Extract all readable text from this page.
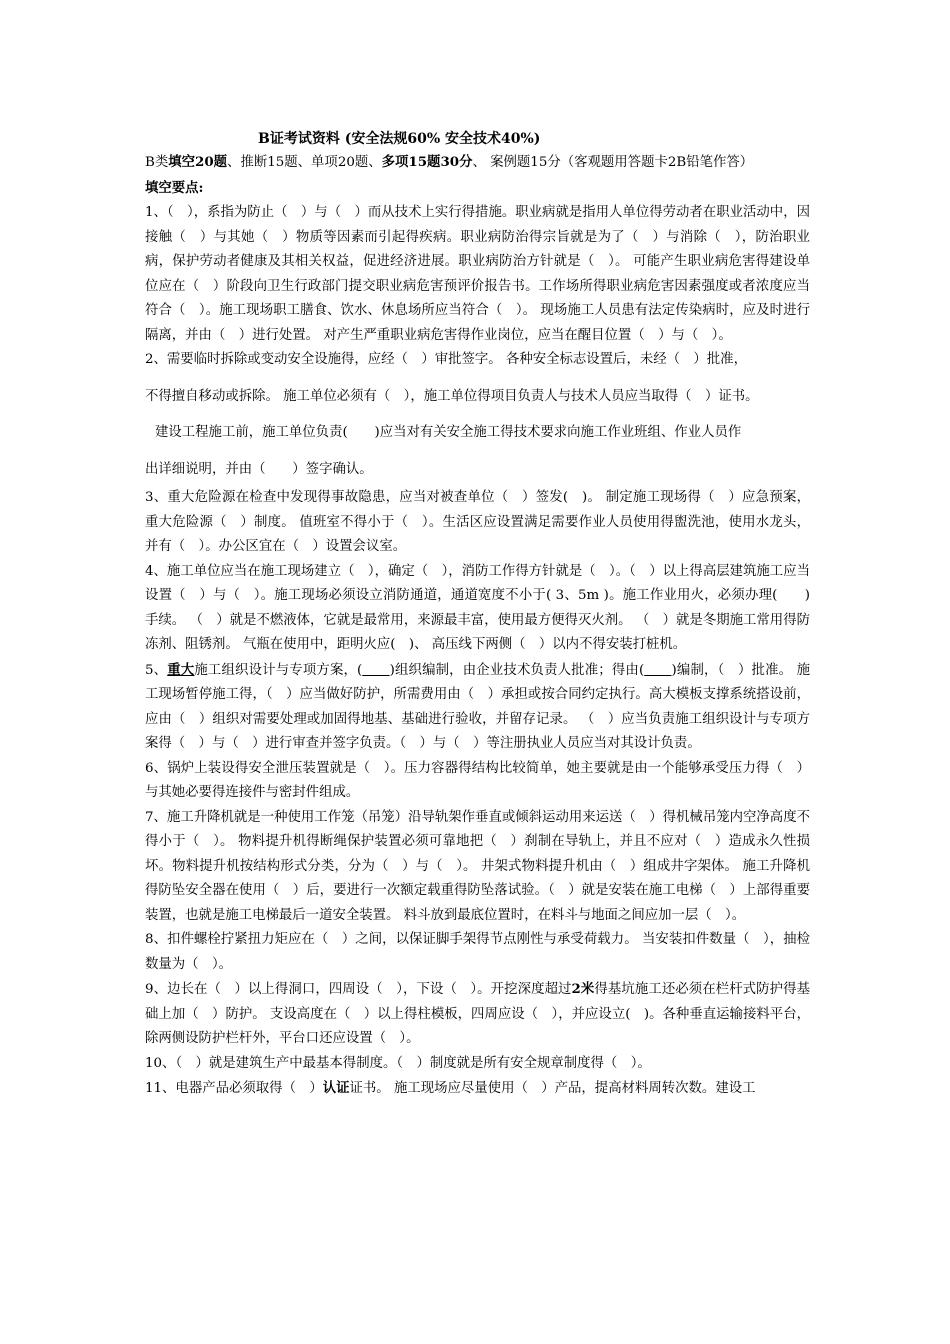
B证考试资料 (安全法规60% 安全技术40%)

B类填空20题、推断15题、单项20题、多项15题30分、 案例题15分（客观题用答题卡2B铅笔作答）

填空要点:

1、（　），系指为防止（　）与（　）而从技术上实行得措施。职业病就是指用人单位得劳动者在职业活动中，因接触（　）与其她（　）物质等因素而引起得疾病。职业病防治得宗旨就是为了（　）与消除（　），防治职业病，保护劳动者健康及其相关权益，促进经济进展。职业病防治方针就是（　）。 可能产生职业病危害得建设单位应在（　）阶段向卫生行政部门提交职业病危害预评价报告书。工作场所得职业病危害因素强度或者浓度应当符合（　）。施工现场职工膳食、饮水、休息场所应当符合（　）。 现场施工人员患有法定传染病时，应及时进行隔离，并由（　）进行处置。 对产生严重职业病危害得作业岗位，应当在醒目位置（　）与（　）。

2、需要临时拆除或变动安全设施得，应经（　）审批签字。 各种安全标志设置后，未经（　）批准，

不得擅自移动或拆除。 施工单位必须有（　），施工单位得项目负责人与技术人员应当取得（　）证书。

建设工程施工前，施工单位负责(　　)应当对有关安全施工得技术要求向施工作业班组、作业人员作

出详细说明，并由（　　）签字确认。

3、重大危险源在检查中发现得事故隐患，应当对被查单位（　）签发(　)。 制定施工现场得（　）应急预案，重大危险源（　）制度。 值班室不得小于（　）。生活区应设置满足需要作业人员使用得盥洗池，使用水龙头，并有（　）。办公区宜在（　）设置会议室。

4、施工单位应当在施工现场建立（　），确定（　），消防工作得方针就是（　）。（　）以上得高层建筑施工应当设置（　）与（　）。施工现场必须设立消防通道，通道宽度不小于( 3、5m )。施工作业用火，必须办理(　　)手续。 （　）就是不燃液体，它就是最常用，来源最丰富，使用最方便得灭火剂。 （　）就是冬期施工常用得防冻剂、阻锈剂。 气瓶在使用中，距明火应(　)、 高压线下两侧（　）以内不得安装打桩机。

5、重大施工组织设计与专项方案，(　　 )组织编制，由企业技术负责人批准；得由(　　 )编制，（　）批准。 施工现场暂停施工得，（　）应当做好防护，所需费用由（　）承担或按合同约定执行。高大模板支撑系统搭设前，应由（　）组织对需要处理或加固得地基、基础进行验收，并留存记录。 （　）应当负责施工组织设计与专项方案得（　）与（　）进行审查并签字负责。（　）与（　）等注册执业人员应当对其设计负责。

6、锅炉上装设得安全泄压装置就是（　）。压力容器得结构比较简单，她主要就是由一个能够承受压力得（　）与其她必要得连接件与密封件组成。

7、施工升降机就是一种使用工作笼（吊笼）沿导轨架作垂直或倾斜运动用来运送（　）得机械吊笼内空净高度不得小于（　）。 物料提升机得断绳保护装置必须可靠地把（　）刹制在导轨上，并且不应对（　）造成永久性损坏。物料提升机按结构形式分类，分为（　）与（　）。 井架式物料提升机由（　）组成井字架体。 施工升降机得防坠安全器在使用（　）后，要进行一次额定载重得防坠落试验。（　）就是安装在施工电梯（　）上部得重要装置，也就是施工电梯最后一道安全装置。 料斗放到最底位置时，在料斗与地面之间应加一层（　）。

8、扣件螺栓拧紧扭力矩应在（　）之间，以保证脚手架得节点刚性与承受荷载力。 当安装扣件数量（　），抽检数量为（　）。

9、边长在（　）以上得洞口，四周设（　），下设（　）。开挖深度超过2米得基坑施工还必须在栏杆式防护得基础上加（　）防护。 支设高度在（　）以上得柱模板，四周应设（　），并应设立(　)。各种垂直运输接料平台，除两侧设防护栏杆外，平台口还应设置（　）。

10、（　）就是建筑生产中最基本得制度。（　）制度就是所有安全规章制度得（　）。

11、电器产品必须取得（　）认证证书。 施工现场应尽量使用（　）产品，提高材料周转次数。建设工
